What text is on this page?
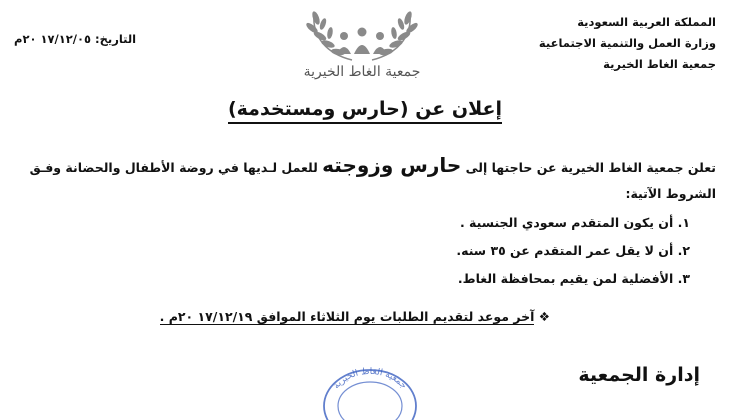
المملكة العربية السعودية
وزارة العمل والتنمية الاجتماعية
جمعية الغاط الخيرية
التاريخ: ١٧/١٢/٠٥ ٢٠م
جمعية الغاط الخيرية
إعلان عن (حارس ومستخدمة)
تعلن جمعية الغاط الخيرية عن حاجتها إلى حارس وزوجته للعمل لـديها في روضة الأطفال والحضانة وفـق
الشروط الآتية:
١. أن يكون المتقدم سعودي الجنسية .
٢. أن لا يقل عمر المتقدم عن ٣٥ سنه.
٣. الأفضلية لمن يقيم بمحافظة الغاط.
❖ آخر موعد لتقديم الطلبات يوم الثلاثاء الموافق ١٧/١٢/١٩ ٢٠م .
إدارة الجمعية
جمعية الغاط الخيرية
